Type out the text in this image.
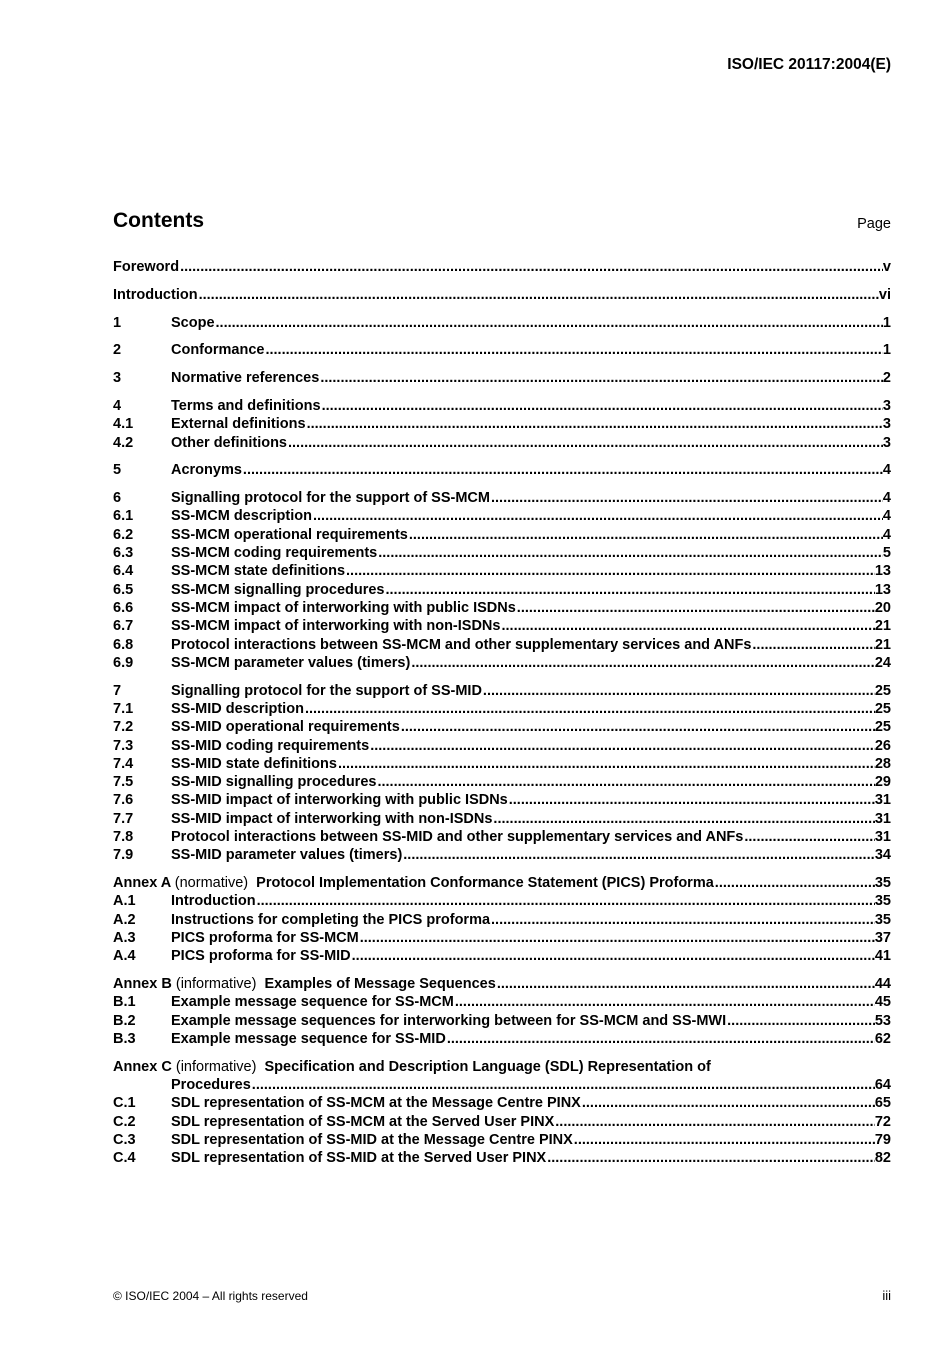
ISO/IEC 20117:2004(E)
Contents	Page
Foreword .....	v
Introduction .....	vi
1	Scope .....	1
2	Conformance .....	1
3	Normative references .....	2
4	Terms and definitions .....	3
4.1	External definitions .....	3
4.2	Other definitions .....	3
5	Acronyms .....	4
6	Signalling protocol for the support of SS-MCM .....	4
6.1	SS-MCM description .....	4
6.2	SS-MCM operational requirements .....	4
6.3	SS-MCM coding requirements .....	5
6.4	SS-MCM state definitions .....	13
6.5	SS-MCM signalling procedures .....	13
6.6	SS-MCM impact of interworking with public ISDNs .....	20
6.7	SS-MCM impact of interworking with non-ISDNs .....	21
6.8	Protocol interactions between SS-MCM and other supplementary services and ANFs .....	21
6.9	SS-MCM parameter values (timers) .....	24
7	Signalling protocol for the support of SS-MID .....	25
7.1	SS-MID description .....	25
7.2	SS-MID operational requirements .....	25
7.3	SS-MID coding requirements .....	26
7.4	SS-MID state definitions .....	28
7.5	SS-MID signalling procedures .....	29
7.6	SS-MID impact of interworking with public ISDNs .....	31
7.7	SS-MID impact of interworking with non-ISDNs .....	31
7.8	Protocol interactions between SS-MID and other supplementary services and ANFs .....	31
7.9	SS-MID parameter values (timers) .....	34
Annex A (normative) Protocol Implementation Conformance Statement (PICS) Proforma .....	35
A.1 Introduction .....	35
A.2 Instructions for completing the PICS proforma .....	35
A.3 PICS proforma for SS-MCM .....	37
A.4 PICS proforma for SS-MID .....	41
Annex B (informative) Examples of Message Sequences .....	44
B.1 Example message sequence for SS-MCM .....	45
B.2 Example message sequences for interworking between for SS-MCM and SS-MWI .....	53
B.3 Example message sequence for SS-MID .....	62
Annex C (informative) Specification and Description Language (SDL) Representation of
Procedures .....	64
C.1 SDL representation of SS-MCM at the Message Centre PINX .....	65
C.2 SDL representation of SS-MCM at the Served User PINX .....	72
C.3 SDL representation of SS-MID at the Message Centre PINX .....	79
C.4 SDL representation of SS-MID at the Served User PINX .....	82
© ISO/IEC 2004 – All rights reserved	iii
